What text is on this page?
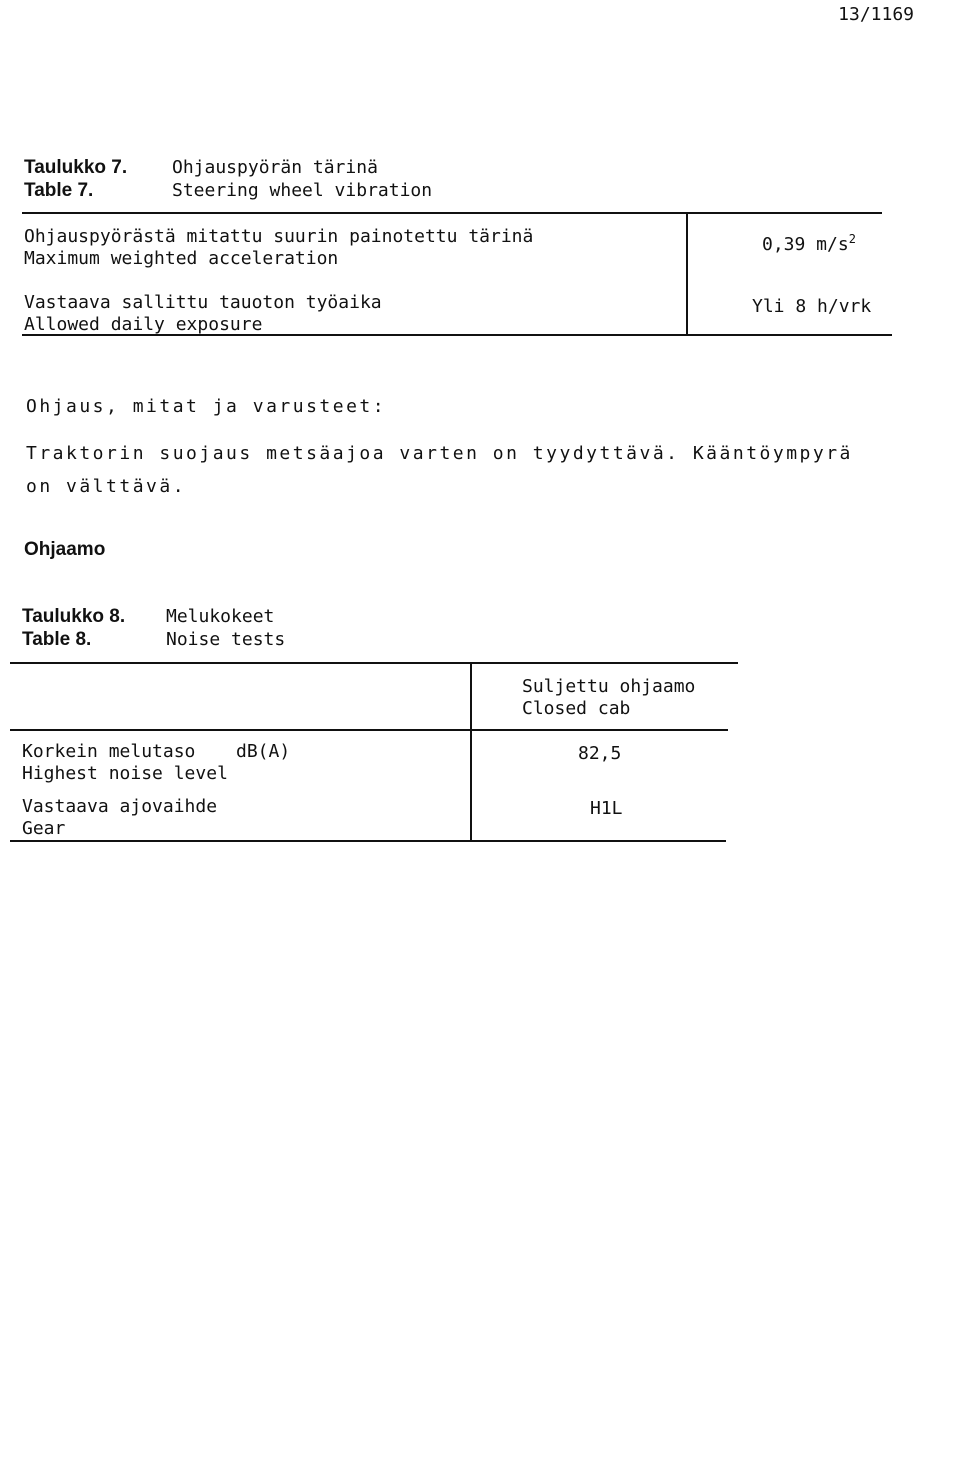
13/1169
Taulukko 7. Ohjauspyörän tärinä
Table 7.	Steering wheel vibration
Ohjauspyörästä mitattu suurin painotettu tärinä
Maximum weighted acceleration
0,39 $m/s^2$
Vastaava sallittu tauoton työaika
Allowed daily exposure
Yli 8 h/vrk
Ohjaus, mitat ja varusteet:
Traktorin suojaus metsäajoa varten on tyydyttävä. Kääntöympyrä
on välttävä.
Ohjaamo
Taulukko 8. Melukokeet
Table 8.	Noise tests
Suljettu ohjaamo
Closed cab
Korkein melutaso dB(A)
Highest noise level
82,5
Vastaava ajovaihde
Gear
H1L
